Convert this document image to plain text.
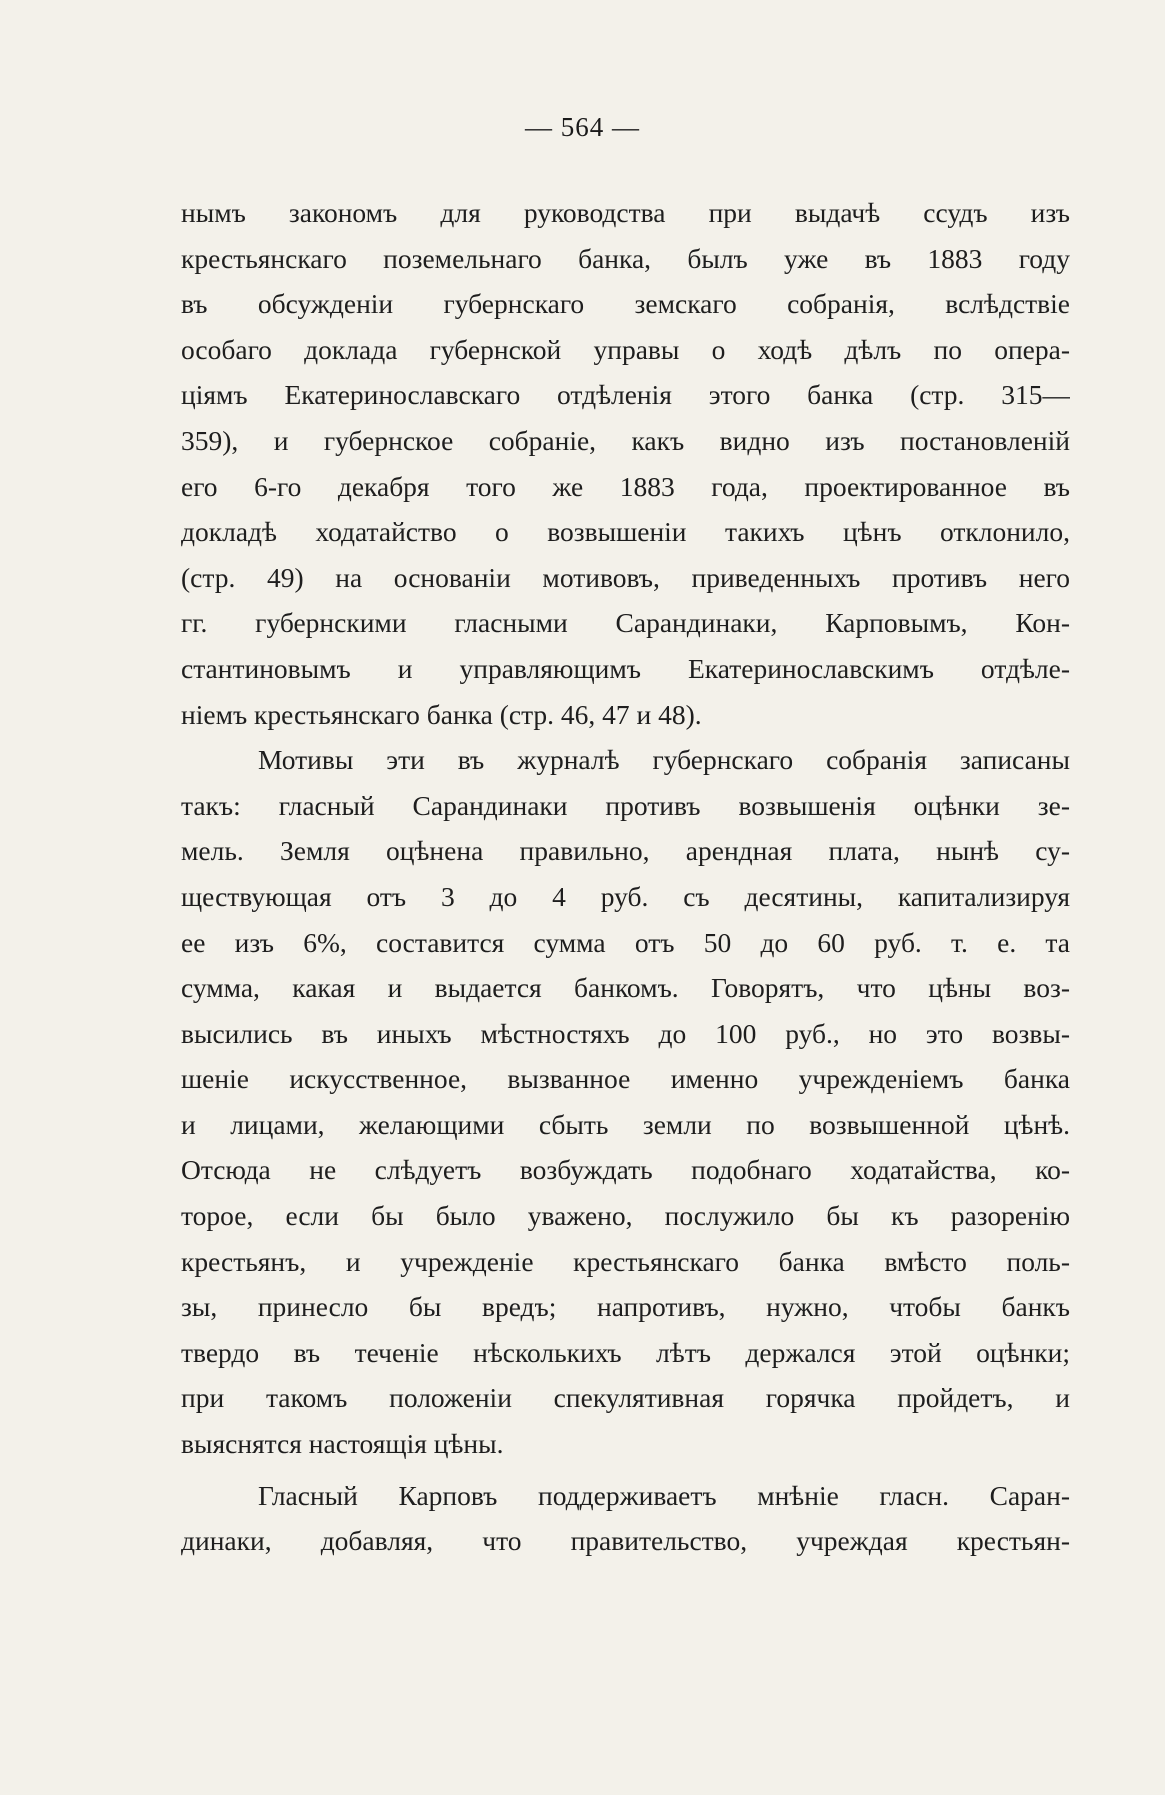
— 564 —
нымъ закономъ для руководства при выдачѣ ссудъ изъ
крестьянскаго поземельнаго банка, былъ уже въ 1883 году
въ обсужденіи губернскаго земскаго собранія, вслѣдствіе
особаго доклада губернской управы о ходѣ дѣлъ по опера-
ціямъ Екатеринославскаго отдѣленія этого банка (стр. 315—
359), и губернское собраніе, какъ видно изъ постановленій
его 6-го декабря того же 1883 года, проектированное въ
докладѣ ходатайство о возвышеніи такихъ цѣнъ отклонило,
(стр. 49) на основаніи мотивовъ, приведенныхъ противъ него
гг. губернскими гласными Сарандинаки, Карповымъ, Кон-
стантиновымъ и управляющимъ Екатеринославскимъ отдѣле-
ніемъ крестьянскаго банка (стр. 46, 47 и 48).
Мотивы эти въ журналѣ губернскаго собранія записаны
такъ: гласный Сарандинаки противъ возвышенія оцѣнки зе-
мель. Земля оцѣнена правильно, арендная плата, нынѣ су-
ществующая отъ 3 до 4 руб. съ десятины, капитализируя
ее изъ 6%, составится сумма отъ 50 до 60 руб. т. е. та
сумма, какая и выдается банкомъ. Говорятъ, что цѣны воз-
высились въ иныхъ мѣстностяхъ до 100 руб., но это возвы-
шеніе искусственное, вызванное именно учрежденіемъ банка
и лицами, желающими сбыть земли по возвышенной цѣнѣ.
Отсюда не слѣдуетъ возбуждать подобнаго ходатайства, ко-
торое, если бы было уважено, послужило бы къ разоренію
крестьянъ, и учрежденіе крестьянскаго банка вмѣсто поль-
зы, принесло бы вредъ; напротивъ, нужно, чтобы банкъ
твердо въ теченіе нѣсколькихъ лѣтъ держался этой оцѣнки;
при такомъ положеніи спекулятивная горячка пройдетъ, и
выяснятся настоящія цѣны.
Гласный Карповъ поддерживаетъ мнѣніе гласн. Саран-
динаки, добавляя, что правительство, учреждая крестьян-
